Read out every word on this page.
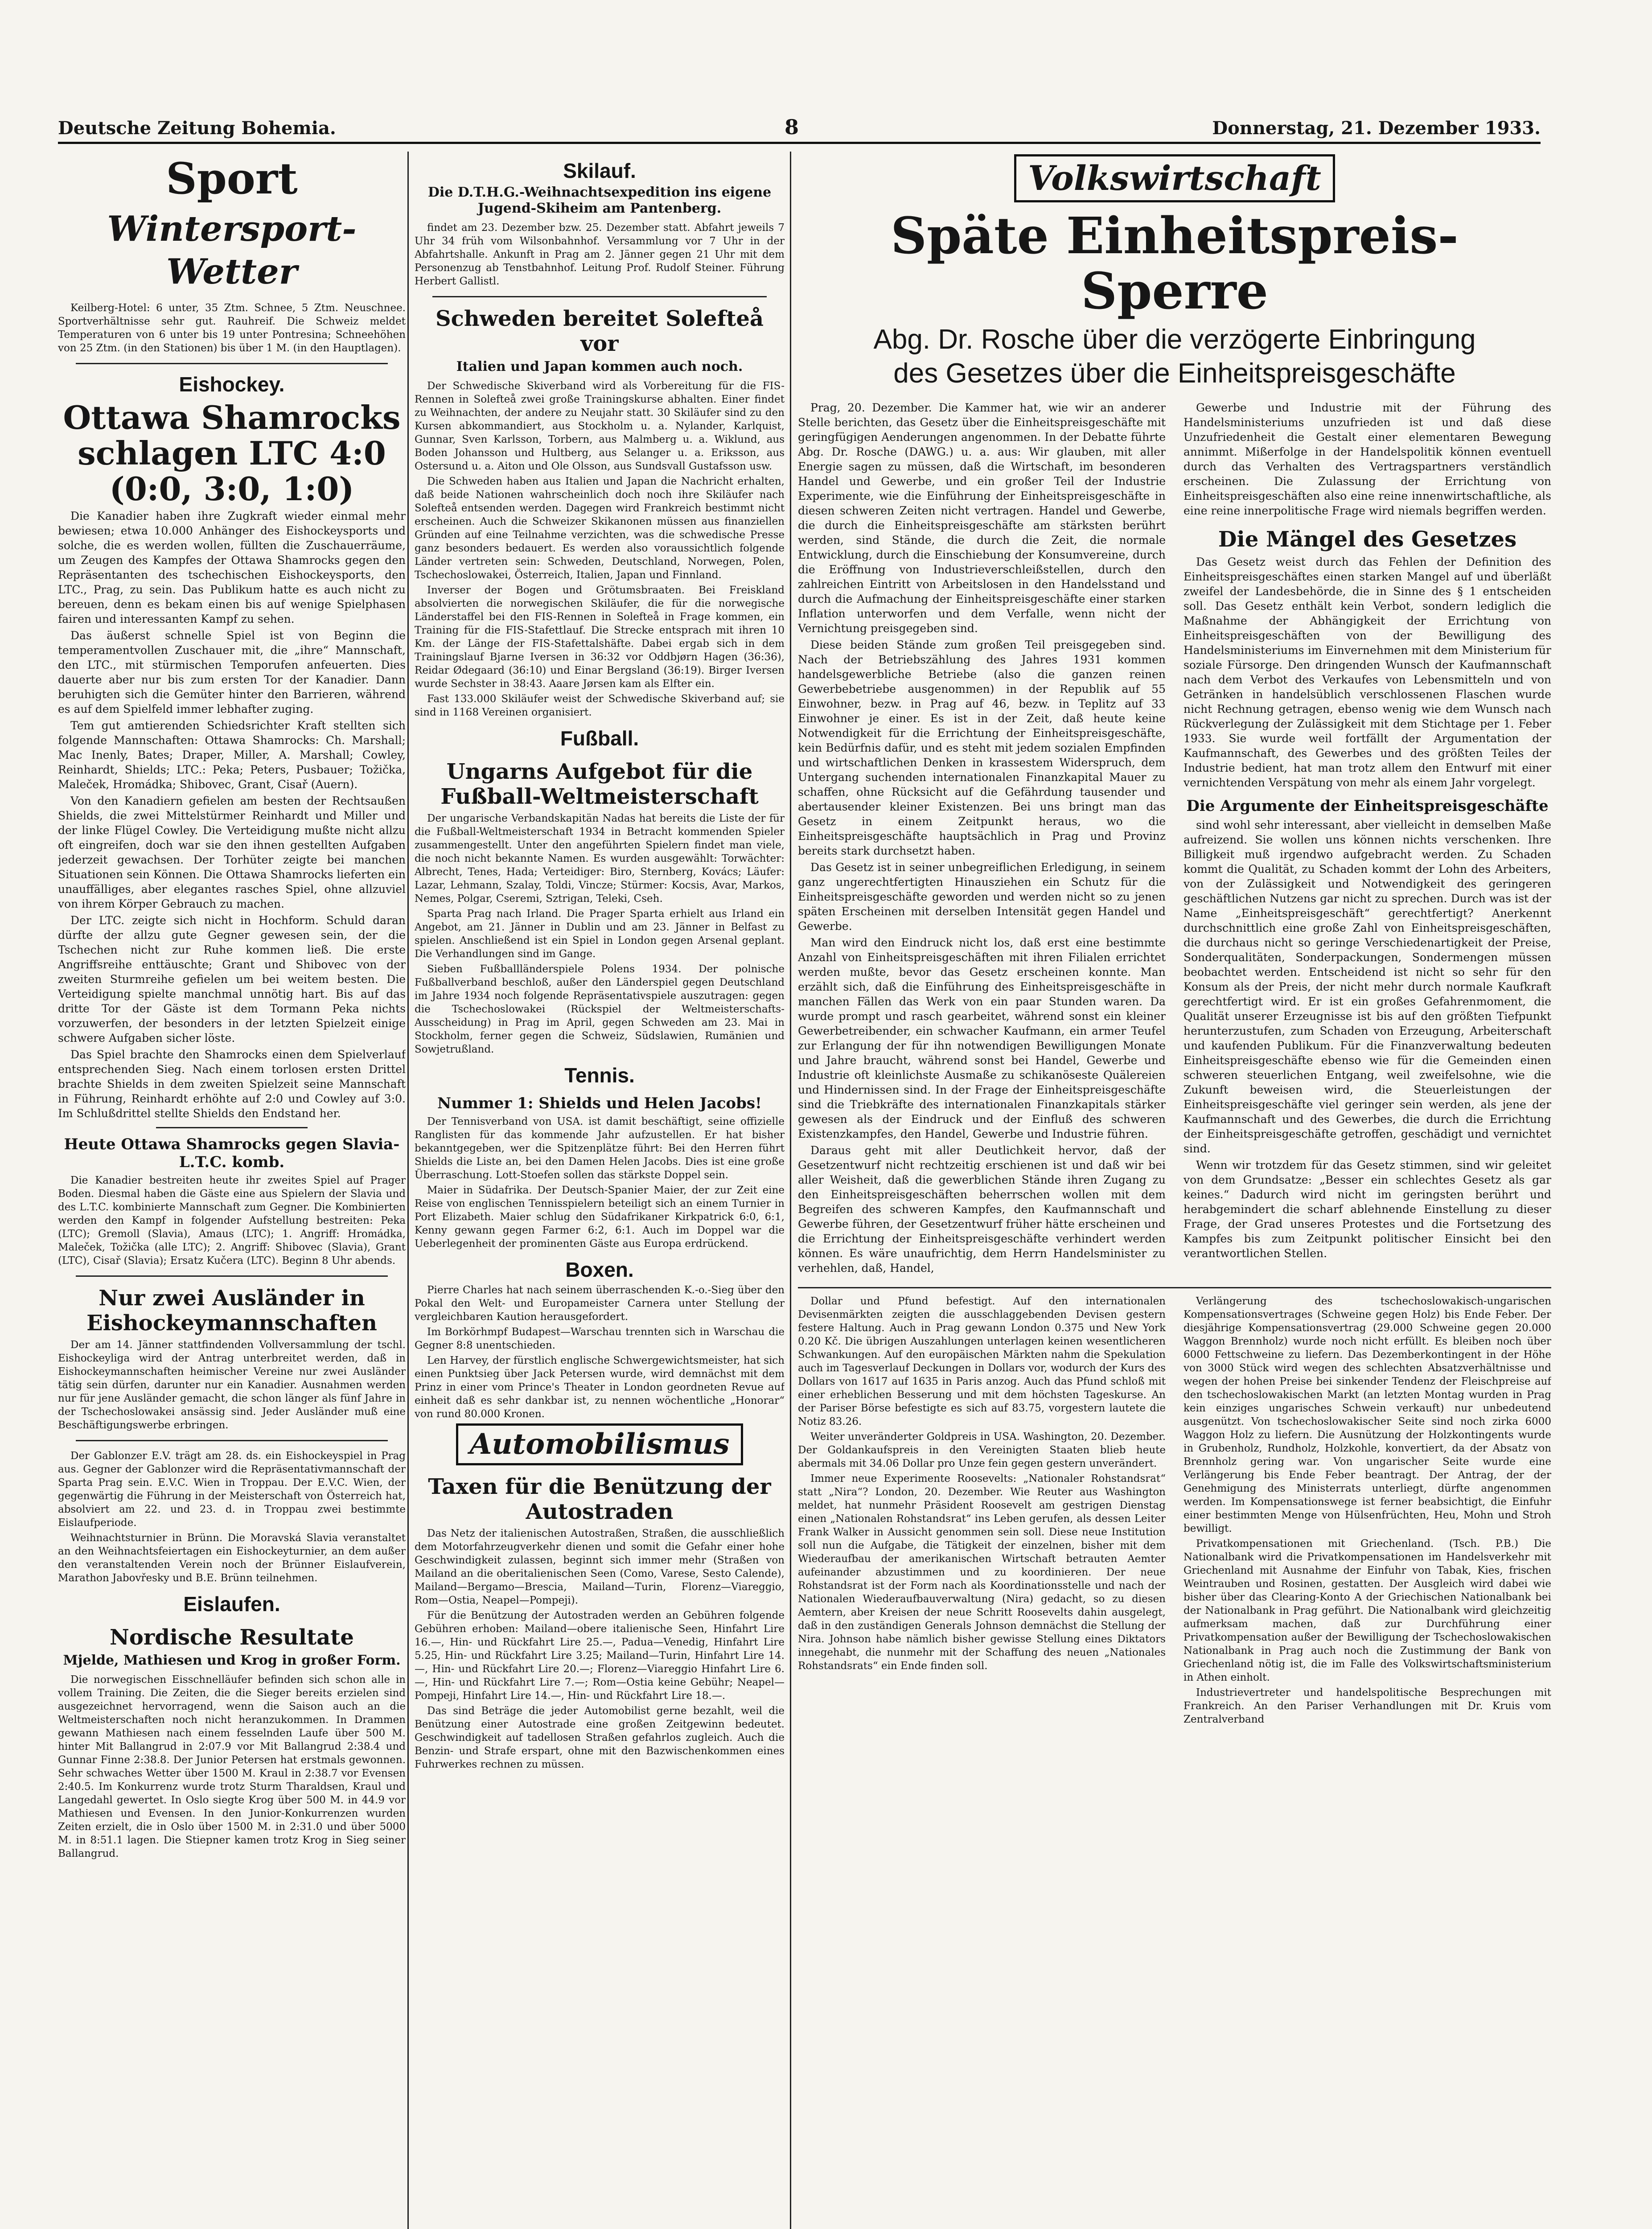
Deutsche Zeitung Bohemia.	8	Donnerstag, 21. Dezember 1933.
Sport
Wintersport-Wetter

Keilberg-Hotel: 6 unter, 35 Ztm. Schnee, 5 Ztm. Neuschnee. Sportverhältnisse sehr gut. Rauhreif. Die Schweiz meldet Temperaturen von 6 unter bis 19 unter Pontresina; Schneehöhen von 25 Ztm. (in den Stationen) bis über 1 M. (in den Hauptlagen).

Eishockey.
Ottawa Shamrocks schlagen LTC 4:0 (0:0, 3:0, 1:0)

Die Kanadier haben ihre Zugkraft wieder einmal mehr bewiesen; etwa 10.000 Anhänger des Eishockeysports und solche, die es werden wollen, füllten die Zuschauerräume, um Zeugen des Kampfes der Ottawa Shamrocks gegen den Repräsentanten des tschechischen Eishockeysports, den LTC., Prag, zu sein. Das Publikum hatte es auch nicht zu bereuen, denn es bekam einen bis auf wenige Spielphasen fairen und interessanten Kampf zu sehen.

Das äußerst schnelle Spiel ist von Beginn die temperamentvollen Zuschauer mit, die „ihre“ Mannschaft, den LTC., mit stürmischen Temporufen anfeuerten. Dies dauerte aber nur bis zum ersten Tor der Kanadier. Dann beruhigten sich die Gemüter hinter den Barrieren, während es auf dem Spielfeld immer lebhafter zuging.

Tem gut amtierenden Schiedsrichter Kraft stellten sich folgende Mannschaften: Ottawa Shamrocks: Ch. Marshall; Mac Inenly, Bates; Draper, Miller, A. Marshall; Cowley, Reinhardt, Shields; LTC.: Peka; Peters, Pusbauer; Tožička, Maleček, Hromádka; Shibovec, Grant, Cisař (Auern).

Von den Kanadiern gefielen am besten der Rechtsaußen Shields, die zwei Mittelstürmer Reinhardt und Miller und der linke Flügel Cowley. Die Verteidigung mußte nicht allzu oft eingreifen, doch war sie den ihnen gestellten Aufgaben jederzeit gewachsen. Der Torhüter zeigte bei manchen Situationen sein Können. Die Ottawa Shamrocks lieferten ein unauffälliges, aber elegantes rasches Spiel, ohne allzuviel von ihrem Körper Gebrauch zu machen.

Der LTC. zeigte sich nicht in Hochform. Schuld daran dürfte der allzu gute Gegner gewesen sein, der die Tschechen nicht zur Ruhe kommen ließ. Die erste Angriffsreihe enttäuschte; Grant und Shibovec von der zweiten Sturmreihe gefielen um bei weitem besten. Die Verteidigung spielte manchmal unnötig hart. Bis auf das dritte Tor der Gäste ist dem Tormann Peka nichts vorzuwerfen, der besonders in der letzten Spielzeit einige schwere Aufgaben sicher löste.

Das Spiel brachte den Shamrocks einen dem Spielverlauf entsprechenden Sieg. Nach einem torlosen ersten Drittel brachte Shields in dem zweiten Spielzeit seine Mannschaft in Führung, Reinhardt erhöhte auf 2:0 und Cowley auf 3:0. Im Schlußdrittel stellte Shields den Endstand her.

Heute Ottawa Shamrocks gegen Slavia-L.T.C. komb.

Die Kanadier bestreiten heute ihr zweites Spiel auf Prager Boden. Diesmal haben die Gäste eine aus Spielern der Slavia und des L.T.C. kombinierte Mannschaft zum Gegner. Die Kombinierten werden den Kampf in folgender Aufstellung bestreiten: Peka (LTC); Gremoll (Slavia), Amaus (LTC); 1. Angriff: Hromádka, Maleček, Tožička (alle LTC); 2. Angriff: Shibovec (Slavia), Grant (LTC), Cisař (Slavia); Ersatz Kučera (LTC). Beginn 8 Uhr abends.

Nur zwei Ausländer in Eishockeymannschaften

Der am 14. Jänner stattfindenden Vollversammlung der tschl. Eishockeyliga wird der Antrag unterbreitet werden, daß in Eishockeymannschaften heimischer Vereine nur zwei Ausländer tätig sein dürfen, darunter nur ein Kanadier. Ausnahmen werden nur für jene Ausländer gemacht, die schon länger als fünf Jahre in der Tschechoslowakei ansässig sind. Jeder Ausländer muß eine Beschäftigungswerbe erbringen.

Der Gablonzer E.V. trägt am 28. ds. ein Eishockeyspiel in Prag aus. Gegner der Gablonzer wird die Repräsentativmannschaft der Sparta Prag sein. E.V.C. Wien in Troppau. Der E.V.C. Wien, der gegenwärtig die Führung in der Meisterschaft von Österreich hat, absolviert am 22. und 23. d. in Troppau zwei bestimmte Eislaufperiode.

Weihnachtsturnier in Brünn. Die Moravská Slavia veranstaltet an den Weihnachtsfeiertagen ein Eishockeyturnier, an dem außer den veranstaltenden Verein noch der Brünner Eislaufverein, Marathon Jabovřesky und B.E. Brünn teilnehmen.

Eislaufen.
Nordische Resultate
Mjelde, Mathiesen und Krog in großer Form.

Die norwegischen Eisschnelläufer befinden sich schon alle in vollem Training. Die Zeiten, die die Sieger bereits erzielen sind ausgezeichnet hervorragend, wenn die Saison auch an die Weltmeisterschaften noch nicht heranzukommen. In Drammen gewann Mathiesen nach einem fesselnden Laufe über 500 M. hinter Mit Ballangrud in 2:07.9 vor Mit Ballangrud 2:38.4 und Gunnar Finne 2:38.8. Der Junior Petersen hat erstmals gewonnen. Sehr schwaches Wetter über 1500 M. Kraul in 2:38.7 vor Evensen 2:40.5. Im Konkurrenz wurde trotz Sturm Tharaldsen, Kraul und Langedahl gewertet. In Oslo siegte Krog über 500 M. in 44.9 vor Mathiesen und Evensen. In den Junior-Konkurrenzen wurden Zeiten erzielt, die in Oslo über 1500 M. in 2:31.0 und über 5000 M. in 8:51.1 lagen. Die Stiepner kamen trotz Krog in Sieg seiner Ballangrud.

Skilauf.
Die D.T.H.G.-Weihnachtsexpedition ins eigene Jugend-Skiheim am Pantenberg.

findet am 23. Dezember bzw. 25. Dezember statt. Abfahrt jeweils 7 Uhr 34 früh vom Wilsonbahnhof. Versammlung vor 7 Uhr in der Abfahrtshalle. Ankunft in Prag am 2. Jänner gegen 21 Uhr mit dem Personenzug ab Tenstbahnhof. Leitung Prof. Rudolf Steiner. Führung Herbert Gallistl.

Schweden bereitet Solefteå vor
Italien und Japan kommen auch noch.

Der Schwedische Skiverband wird als Vorbereitung für die FIS-Rennen in Solefteå zwei große Trainingskurse abhalten. Einer findet zu Weihnachten, der andere zu Neujahr statt. 30 Skiläufer sind zu den Kursen abkommandiert, aus Stockholm u. a. Nylander, Karlquist, Gunnar, Sven Karlsson, Torbern, aus Malmberg u. a. Wiklund, aus Boden Johansson und Hultberg, aus Selanger u. a. Eriksson, aus Ostersund u. a. Aiton und Ole Olsson, aus Sundsvall Gustafsson usw.

Die Schweden haben aus Italien und Japan die Nachricht erhalten, daß beide Nationen wahrscheinlich doch noch ihre Skiläufer nach Solefteå entsenden werden. Dagegen wird Frankreich bestimmt nicht erscheinen. Auch die Schweizer Skikanonen müssen aus finanziellen Gründen auf eine Teilnahme verzichten, was die schwedische Presse ganz besonders bedauert. Es werden also voraussichtlich folgende Länder vertreten sein: Schweden, Deutschland, Norwegen, Polen, Tschechoslowakei, Österreich, Italien, Japan und Finnland.

Inverser der Bogen und Grötumsbraaten. Bei Freiskland absolvierten die norwegischen Skiläufer, die für die norwegische Länderstaffel bei den FIS-Rennen in Solefteå in Frage kommen, ein Training für die FIS-Stafettlauf. Die Strecke entsprach mit ihren 10 Km. der Länge der FIS-Stafettalshäfte. Dabei ergab sich in dem Trainingslauf Bjarne Iversen in 36:32 vor Oddbjørn Hagen (36:36), Reidar Ødegaard (36:10) und Einar Bergsland (36:19). Birger Iversen wurde Sechster in 38:43. Aaare Jørsen kam als Elfter ein.

Fast 133.000 Skiläufer weist der Schwedische Skiverband auf; sie sind in 1168 Vereinen organisiert.

Fußball.
Ungarns Aufgebot für die Fußball-Weltmeisterschaft

Der ungarische Verbandskapitän Nadas hat bereits die Liste der für die Fußball-Weltmeisterschaft 1934 in Betracht kommenden Spieler zusammengestellt. Unter den angeführten Spielern findet man viele, die noch nicht bekannte Namen. Es wurden ausgewählt: Torwächter: Albrecht, Tenes, Hada; Verteidiger: Biro, Sternberg, Kovács; Läufer: Lazar, Lehmann, Szalay, Toldi, Vincze; Stürmer: Kocsis, Avar, Markos, Nemes, Polgar, Cseremi, Sztrigan, Teleki, Cseh.

Sparta Prag nach Irland. Die Prager Sparta erhielt aus Irland ein Angebot, am 21. Jänner in Dublin und am 23. Jänner in Belfast zu spielen. Anschließend ist ein Spiel in London gegen Arsenal geplant. Die Verhandlungen sind im Gange.

Sieben Fußballländerspiele Polens 1934. Der polnische Fußballverband beschloß, außer den Länderspiel gegen Deutschland im Jahre 1934 noch folgende Repräsentativspiele auszutragen: gegen die Tschechoslowakei (Rückspiel der Weltmeisterschafts-Ausscheidung) in Prag im April, gegen Schweden am 23. Mai in Stockholm, ferner gegen die Schweiz, Südslawien, Rumänien und Sowjetrußland.

Tennis.
Nummer 1: Shields und Helen Jacobs!

Der Tennisverband von USA. ist damit beschäftigt, seine offizielle Ranglisten für das kommende Jahr aufzustellen. Er hat bisher bekanntgegeben, wer die Spitzenplätze führt: Bei den Herren führt Shields die Liste an, bei den Damen Helen Jacobs. Dies ist eine große Überraschung. Lott-Stoefen sollen das stärkste Doppel sein.

Maier in Südafrika. Der Deutsch-Spanier Maier, der zur Zeit eine Reise von englischen Tennisspielern beteiligt sich an einem Turnier in Port Elizabeth. Maier schlug den Südafrikaner Kirkpatrick 6:0, 6:1, Kenny gewann gegen Farmer 6:2, 6:1. Auch im Doppel war die Ueberlegenheit der prominenten Gäste aus Europa erdrückend.

Boxen.

Pierre Charles hat nach seinem überraschenden K.-o.-Sieg über den Pokal den Welt- und Europameister Carnera unter Stellung der vergleichbaren Kaution herausgefordert.

Im Borkörhmpf Budapest—Warschau trennten sich in Warschau die Gegner 8:8 unentschieden.

Len Harvey, der fürstlich englische Schwergewichtsmeister, hat sich einen Punktsieg über Jack Petersen wurde, wird demnächst mit dem Prinz in einer vom Prince's Theater in London geordneten Revue auf einheit daß es sehr dankbar ist, zu nennen wöchentliche „Honorar“ von rund 80.000 Kronen.

Automobilismus
Taxen für die Benützung der Autostraden

Das Netz der italienischen Autostraßen, Straßen, die ausschließlich dem Motorfahrzeugverkehr dienen und somit die Gefahr einer hohe Geschwindigkeit zulassen, beginnt sich immer mehr (Straßen von Mailand an die oberitalienischen Seen (Como, Varese, Sesto Calende), Mailand—Bergamo—Brescia, Mailand—Turin, Florenz—Viareggio, Rom—Ostia, Neapel—Pompeji).

Für die Benützung der Autostraden werden an Gebühren folgende Gebühren erhoben: Mailand—obere italienische Seen, Hinfahrt Lire 16.—, Hin- und Rückfahrt Lire 25.—, Padua—Venedig, Hinfahrt Lire 5.25, Hin- und Rückfahrt Lire 3.25; Mailand—Turin, Hinfahrt Lire 14.—, Hin- und Rückfahrt Lire 20.—; Florenz—Viareggio Hinfahrt Lire 6.—, Hin- und Rückfahrt Lire 7.—; Rom—Ostia keine Gebühr; Neapel—Pompeji, Hinfahrt Lire 14.—, Hin- und Rückfahrt Lire 18.—.

Das sind Beträge die jeder Automobilist gerne bezahlt, weil die Benützung einer Autostrade eine großen Zeitgewinn bedeutet. Geschwindigkeit auf tadellosen Straßen gefahrlos zugleich. Auch die Benzin- und Strafe erspart, ohne mit den Bazwischenkommen eines Fuhrwerkes rechnen zu müssen.

Volkswirtschaft
Späte Einheitspreis-Sperre
Abg. Dr. Rosche über die verzögerte Einbringung
des Gesetzes über die Einheitspreisgeschäfte

Prag, 20. Dezember. Die Kammer hat, wie wir an anderer Stelle berichten, das Gesetz über die Einheitspreisgeschäfte mit geringfügigen Aenderungen angenommen. In der Debatte führte Abg. Dr. Rosche (DAWG.) u. a. aus: Wir glauben, mit aller Energie sagen zu müssen, daß die Wirtschaft, im besonderen Handel und Gewerbe, und ein großer Teil der Industrie Experimente, wie die Einführung der Einheitspreisgeschäfte in diesen schweren Zeiten nicht vertragen. Handel und Gewerbe, die durch die Einheitspreisgeschäfte am stärksten berührt werden, sind Stände, die durch die Zeit, die normale Entwicklung, durch die Einschiebung der Konsumvereine, durch die Eröffnung von Industrieverschleißstellen, durch den zahlreichen Eintritt von Arbeitslosen in den Handelsstand und durch die Aufmachung der Einheitspreisgeschäfte einer starken Inflation unterworfen und dem Verfalle, wenn nicht der Vernichtung preisgegeben sind.

Diese beiden Stände zum großen Teil preisgegeben sind. Nach der Betriebszählung des Jahres 1931 kommen handelsgewerbliche Betriebe (also die ganzen reinen Gewerbebetriebe ausgenommen) in der Republik auf 55 Einwohner, bezw. in Prag auf 46, bezw. in Teplitz auf 33 Einwohner je einer. Es ist in der Zeit, daß heute keine Notwendigkeit für die Errichtung der Einheitspreisgeschäfte, kein Bedürfnis dafür, und es steht mit jedem sozialen Empfinden und wirtschaftlichen Denken in krassestem Widerspruch, dem Untergang suchenden internationalen Finanzkapital Mauer zu schaffen, ohne Rücksicht auf die Gefährdung tausender und abertausender kleiner Existenzen. Bei uns bringt man das Gesetz in einem Zeitpunkt heraus, wo die Einheitspreisgeschäfte hauptsächlich in Prag und Provinz bereits stark durchsetzt haben.

Das Gesetz ist in seiner unbegreiflichen Erledigung, in seinem ganz ungerechtfertigten Hinausziehen ein Schutz für die Einheitspreisgeschäfte geworden und werden nicht so zu jenen späten Erscheinen mit derselben Intensität gegen Handel und Gewerbe.

Man wird den Eindruck nicht los, daß erst eine bestimmte Anzahl von Einheitspreisgeschäften mit ihren Filialen errichtet werden mußte, bevor das Gesetz erscheinen konnte. Man erzählt sich, daß die Einführung des Einheitspreisgeschäfte in manchen Fällen das Werk von ein paar Stunden waren. Da wurde prompt und rasch gearbeitet, während sonst ein kleiner Gewerbetreibender, ein schwacher Kaufmann, ein armer Teufel zur Erlangung der für ihn notwendigen Bewilligungen Monate und Jahre braucht, während sonst bei Handel, Gewerbe und Industrie oft kleinlichste Ausmaße zu schikanöseste Quälereien und Hindernissen sind. In der Frage der Einheitspreisgeschäfte sind die Triebkräfte des internationalen Finanzkapitals stärker gewesen als der Eindruck und der Einfluß des schweren Existenzkampfes, den Handel, Gewerbe und Industrie führen.

Daraus geht mit aller Deutlichkeit hervor, daß der Gesetzentwurf nicht rechtzeitig erschienen ist und daß wir bei aller Weisheit, daß die gewerblichen Stände ihren Zugang zu den Einheitspreisgeschäften beherrschen wollen mit dem Begreifen des schweren Kampfes, den Kaufmannschaft und Gewerbe führen, der Gesetzentwurf früher hätte erscheinen und die Errichtung der Einheitspreisgeschäfte verhindert werden können. Es wäre unaufrichtig, dem Herrn Handelsminister zu verhehlen, daß, Handel,

Gewerbe und Industrie mit der Führung des Handelsministeriums unzufrieden ist und daß diese Unzufriedenheit die Gestalt einer elementaren Bewegung annimmt. Mißerfolge in der Handelspolitik können eventuell durch das Verhalten des Vertragspartners verständlich erscheinen. Die Zulassung der Errichtung von Einheitspreisgeschäften also eine reine innenwirtschaftliche, als eine reine innerpolitische Frage wird niemals begriffen werden.

Die Mängel des Gesetzes

Das Gesetz weist durch das Fehlen der Definition des Einheitspreisgeschäftes einen starken Mangel auf und überläßt zweifel der Landesbehörde, die in Sinne des § 1 entscheiden soll. Das Gesetz enthält kein Verbot, sondern lediglich die Maßnahme der Abhängigkeit der Errichtung von Einheitspreisgeschäften von der Bewilligung des Handelsministeriums im Einvernehmen mit dem Ministerium für soziale Fürsorge. Den dringenden Wunsch der Kaufmannschaft nach dem Verbot des Verkaufes von Lebensmitteln und von Getränken in handelsüblich verschlossenen Flaschen wurde nicht Rechnung getragen, ebenso wenig wie dem Wunsch nach Rückverlegung der Zulässigkeit mit dem Stichtage per 1. Feber 1933. Sie wurde weil fortfällt der Argumentation der Kaufmannschaft, des Gewerbes und des größten Teiles der Industrie bedient, hat man trotz allem den Entwurf mit einer vernichtenden Verspätung von mehr als einem Jahr vorgelegt.

Die Argumente der Einheitspreisgeschäfte

sind wohl sehr interessant, aber vielleicht in demselben Maße aufreizend. Sie wollen uns können nichts verschenken. Ihre Billigkeit muß irgendwo aufgebracht werden. Zu Schaden kommt die Qualität, zu Schaden kommt der Lohn des Arbeiters, von der Zulässigkeit und Notwendigkeit des geringeren geschäftlichen Nutzens gar nicht zu sprechen. Durch was ist der Name „Einheitspreisgeschäft“ gerechtfertigt? Anerkennt durchschnittlich eine große Zahl von Einheitspreisgeschäften, die durchaus nicht so geringe Verschiedenartigkeit der Preise, Sonderqualitäten, Sonderpackungen, Sondermengen müssen beobachtet werden. Entscheidend ist nicht so sehr für den Konsum als der Preis, der nicht mehr durch normale Kaufkraft gerechtfertigt wird. Er ist ein großes Gefahrenmoment, die Qualität unserer Erzeugnisse ist bis auf den größten Tiefpunkt herunterzustufen, zum Schaden von Erzeugung, Arbeiterschaft und kaufenden Publikum. Für die Finanzverwaltung bedeuten Einheitspreisgeschäfte ebenso wie für die Gemeinden einen schweren steuerlichen Entgang, weil zweifelsohne, wie die Zukunft beweisen wird, die Steuerleistungen der Einheitspreisgeschäfte viel geringer sein werden, als jene der Kaufmannschaft und des Gewerbes, die durch die Errichtung der Einheitspreisgeschäfte getroffen, geschädigt und vernichtet sind.

Wenn wir trotzdem für das Gesetz stimmen, sind wir geleitet von dem Grundsatze: „Besser ein schlechtes Gesetz als gar keines.“ Dadurch wird nicht im geringsten berührt und herabgemindert die scharf ablehnende Einstellung zu dieser Frage, der Grad unseres Protestes und die Fortsetzung des Kampfes bis zum Zeitpunkt politischer Einsicht bei den verantwortlichen Stellen.

Dollar und Pfund befestigt. Auf den internationalen Devisenmärkten zeigten die ausschlaggebenden Devisen gestern festere Haltung. Auch in Prag gewann London 0.375 und New York 0.20 Kč. Die übrigen Auszahlungen unterlagen keinen wesentlicheren Schwankungen. Auf den europäischen Märkten nahm die Spekulation auch im Tagesverlauf Deckungen in Dollars vor, wodurch der Kurs des Dollars von 1617 auf 1635 in Paris anzog. Auch das Pfund schloß mit einer erheblichen Besserung und mit dem höchsten Tageskurse. An der Pariser Börse befestigte es sich auf 83.75, vorgestern lautete die Notiz 83.26.

Weiter unveränderter Goldpreis in USA. Washington, 20. Dezember. Der Goldankaufspreis in den Vereinigten Staaten blieb heute abermals mit 34.06 Dollar pro Unze fein gegen gestern unverändert.

Immer neue Experimente Roosevelts: „Nationaler Rohstandsrat“ statt „Nira“? London, 20. Dezember. Wie Reuter aus Washington meldet, hat nunmehr Präsident Roosevelt am gestrigen Dienstag einen „Nationalen Rohstandsrat“ ins Leben gerufen, als dessen Leiter Frank Walker in Aussicht genommen sein soll. Diese neue Institution soll nun die Aufgabe, die Tätigkeit der einzelnen, bisher mit dem Wiederaufbau der amerikanischen Wirtschaft betrauten Aemter aufeinander abzustimmen und zu koordinieren. Der neue Rohstandsrat ist der Form nach als Koordinationsstelle und nach der Nationalen Wiederaufbauverwaltung (Nira) gedacht, so zu diesen Aemtern, aber Kreisen der neue Schritt Roosevelts dahin ausgelegt, daß in den zuständigen Generals Johnson demnächst die Stellung der Nira. Johnson habe nämlich bisher gewisse Stellung eines Diktators innegehabt, die nunmehr mit der Schaffung des neuen „Nationales Rohstandsrats“ ein Ende finden soll.

Verlängerung des tschechoslowakisch-ungarischen Kompensationsvertrages (Schweine gegen Holz) bis Ende Feber. Der diesjährige Kompensationsvertrag (29.000 Schweine gegen 20.000 Waggon Brennholz) wurde noch nicht erfüllt. Es bleiben noch über 6000 Fettschweine zu liefern. Das Dezemberkontingent in der Höhe von 3000 Stück wird wegen des schlechten Absatzverhältnisse und wegen der hohen Preise bei sinkender Tendenz der Fleischpreise auf den tschechoslowakischen Markt (an letzten Montag wurden in Prag kein einziges ungarisches Schwein verkauft) nur unbedeutend ausgenützt. Von tschechoslowakischer Seite sind noch zirka 6000 Waggon Holz zu liefern. Die Ausnützung der Holzkontingents wurde in Grubenholz, Rundholz, Holzkohle, konvertiert, da der Absatz von Brennholz gering war. Von ungarischer Seite wurde eine Verlängerung bis Ende Feber beantragt. Der Antrag, der der Genehmigung des Ministerrats unterliegt, dürfte angenommen werden. Im Kompensationswege ist ferner beabsichtigt, die Einfuhr einer bestimmten Menge von Hülsenfrüchten, Heu, Mohn und Stroh bewilligt.

Privatkompensationen mit Griechenland. (Tsch. P.B.) Die Nationalbank wird die Privatkompensationen im Handelsverkehr mit Griechenland mit Ausnahme der Einfuhr von Tabak, Kies, frischen Weintrauben und Rosinen, gestatten. Der Ausgleich wird dabei wie bisher über das Clearing-Konto A der Griechischen Nationalbank bei der Nationalbank in Prag geführt. Die Nationalbank wird gleichzeitig aufmerksam machen, daß zur Durchführung einer Privatkompensation außer der Bewilligung der Tschechoslowakischen Nationalbank in Prag auch noch die Zustimmung der Bank von Griechenland nötig ist, die im Falle des Volkswirtschaftsministerium in Athen einholt.

Industrievertreter und handelspolitische Besprechungen mit Frankreich. An den Pariser Verhandlungen mit Dr. Kruis vom Zentralverband
